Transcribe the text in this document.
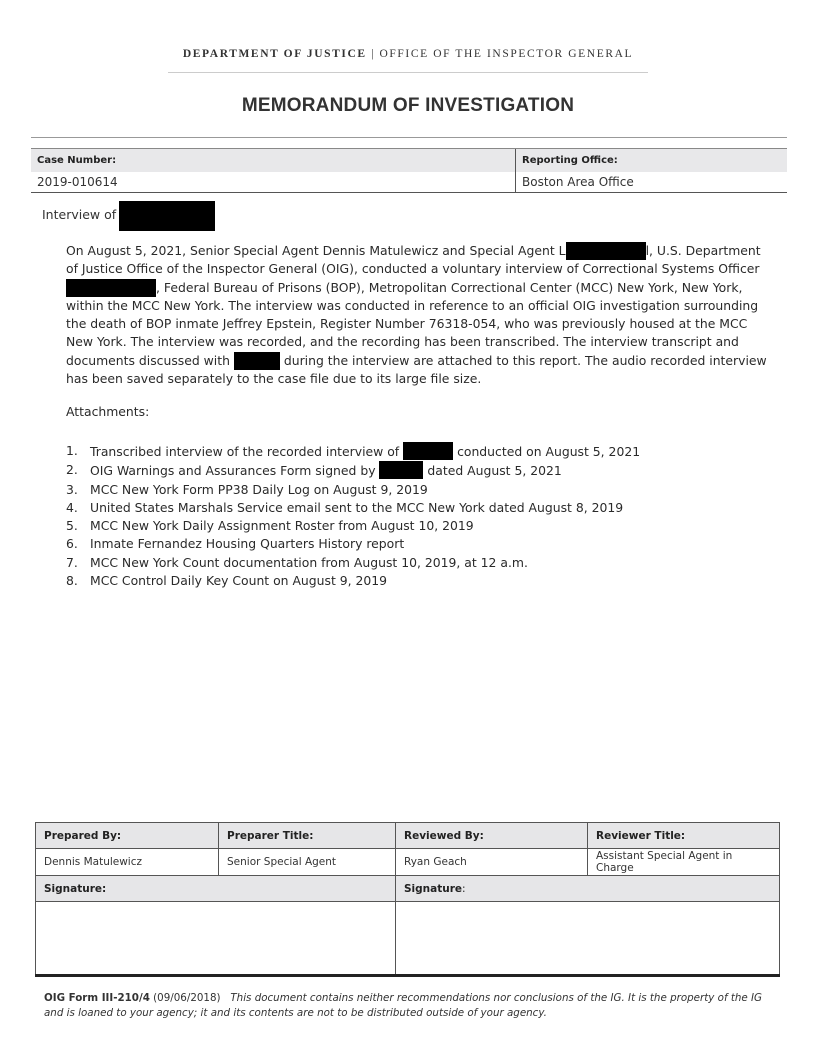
DEPARTMENT OF JUSTICE | OFFICE OF THE INSPECTOR GENERAL
MEMORANDUM OF INVESTIGATION
Case Number:	Reporting Office:
2019-010614	Boston Area Office
Interview of
On August 5, 2021, Senior Special Agent Dennis Matulewicz and Special Agent L	l, U.S. Department of Justice Office of the Inspector General (OIG), conducted a voluntary interview of Correctional Systems Officer , Federal Bureau of Prisons (BOP), Metropolitan Correctional Center (MCC) New York, New York, within the MCC New York. The interview was conducted in reference to an official OIG investigation surrounding the death of BOP inmate Jeffrey Epstein, Register Number 76318-054, who was previously housed at the MCC New York. The interview was recorded, and the recording has been transcribed. The interview transcript and documents discussed with	during the interview are attached to this report. The audio recorded interview has been saved separately to the case file due to its large file size.
Attachments:
1. Transcribed interview of the recorded interview of	conducted on August 5, 2021
2. OIG Warnings and Assurances Form signed by	dated August 5, 2021
3. MCC New York Form PP38 Daily Log on August 9, 2019
4. United States Marshals Service email sent to the MCC New York dated August 8, 2019
5. MCC New York Daily Assignment Roster from August 10, 2019
6. Inmate Fernandez Housing Quarters History report
7. MCC New York Count documentation from August 10, 2019, at 12 a.m.
8. MCC Control Daily Key Count on August 9, 2019
Prepared By:	Preparer Title:	Reviewed By:	Reviewer Title:
Dennis Matulewicz	Senior Special Agent	Ryan Geach	Assistant Special Agent in Charge
Signature:		Signature:	

OIG Form III-210/4 (09/06/2018) This document contains neither recommendations nor conclusions of the IG. It is the property of the IG and is loaned to your agency; it and its contents are not to be distributed outside of your agency.
